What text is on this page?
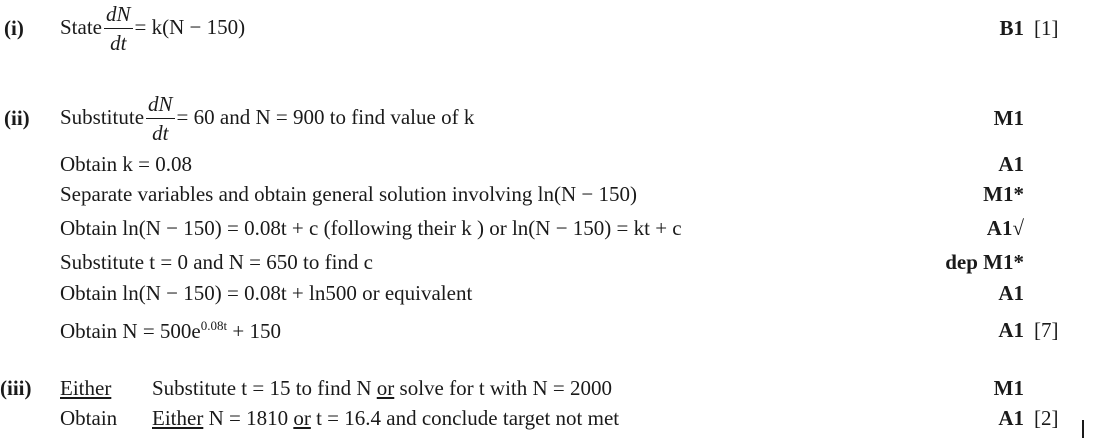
(i) State $\frac{dN}{dt} = k(N - 150)$	B1 [1]
(ii) Substitute $\frac{dN}{dt} = 60$ and N = 900 to find value of k	M1
Obtain k = 0.08	A1
Separate variables and obtain general solution involving ln(N − 150)	M1*
Obtain ln(N − 150) = 0.08t + c (following their k ) or ln(N − 150) = kt + c	A1√
Substitute t = 0 and N = 650 to find c	dep M1*
Obtain ln(N − 150) = 0.08t + ln500 or equivalent	A1
Obtain $N = 500e^{0.08t} + 150$	A1 [7]
(iii) Either Substitute t = 15 to find N or solve for t with N = 2000	M1
Obtain Either N = 1810 or t = 16.4 and conclude target not met	A1 [2]
